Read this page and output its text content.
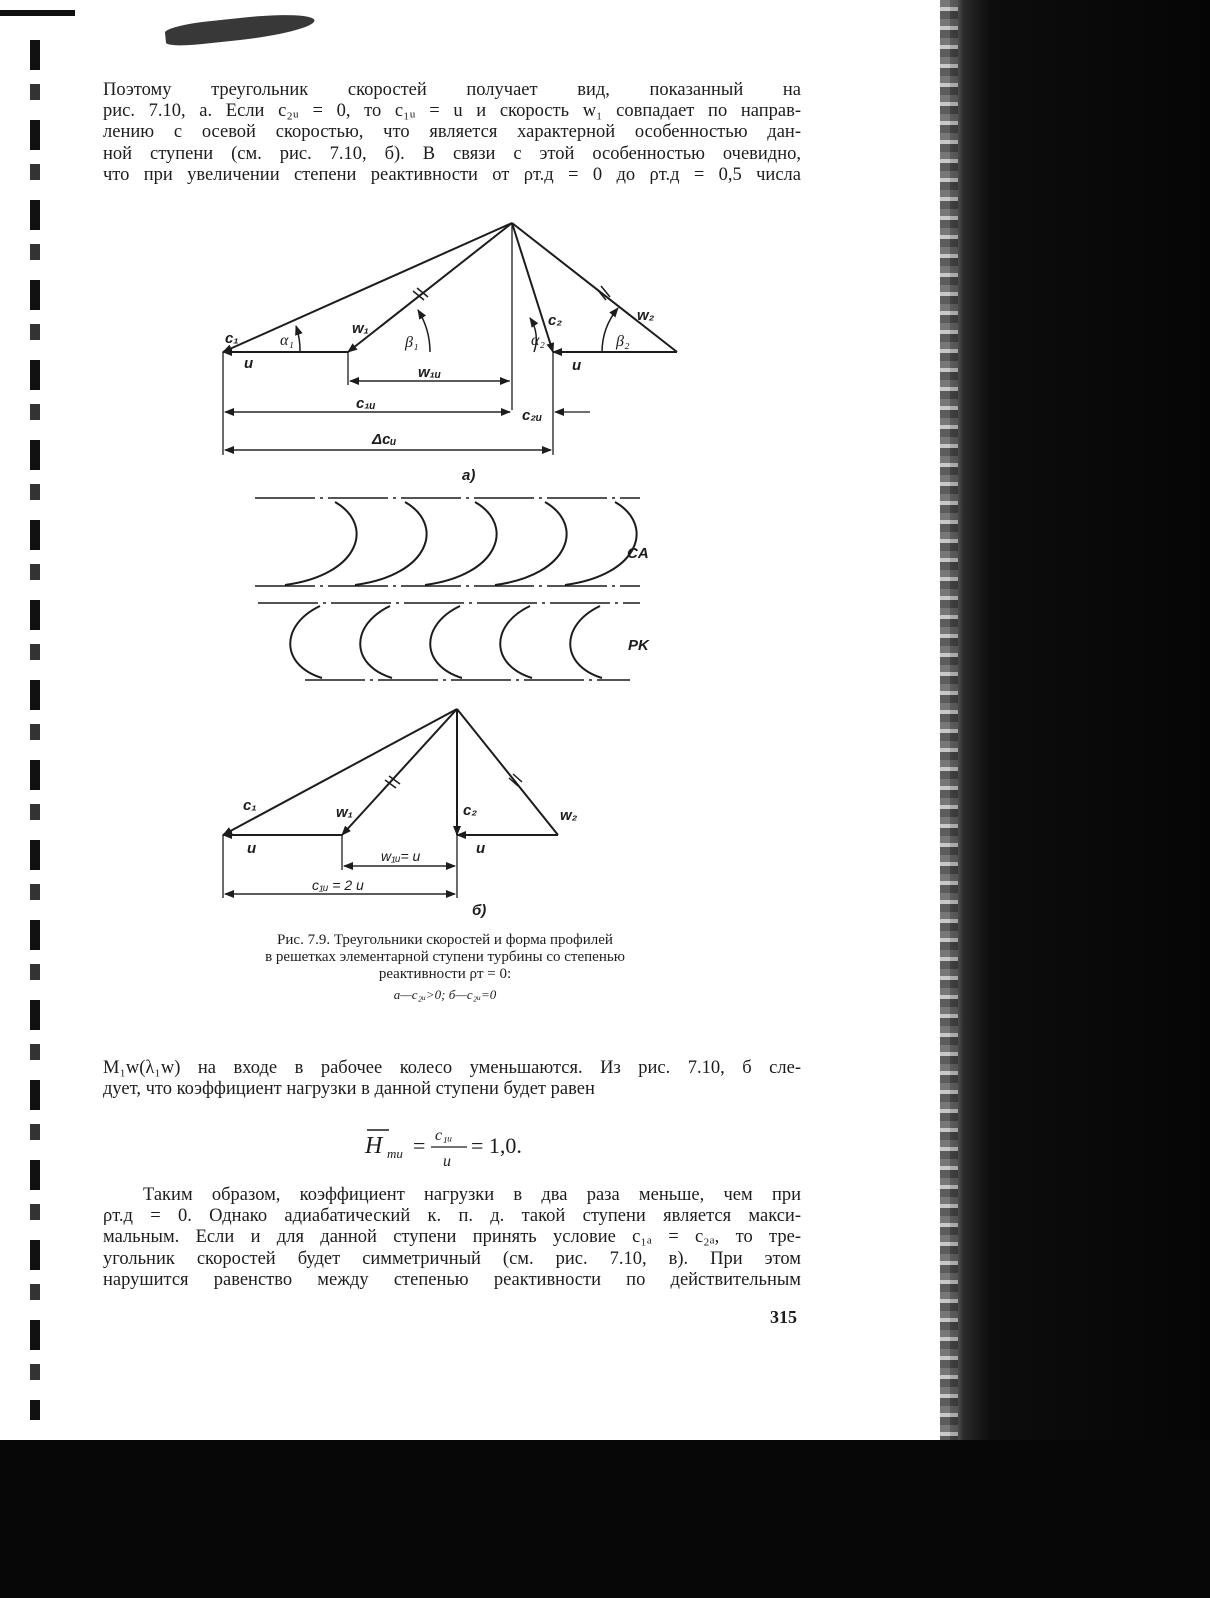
Поэтому треугольник скоростей получает вид, показанный на
рис. 7.10, а. Если c₂ᵤ = 0, то c₁ᵤ = u и скорость w₁ совпадает по направ-
лению с осевой скоростью, что является характерной особенностью дан-
ной ступени (см. рис. 7.10, б). В связи с этой особенностью очевидно,
что при увеличении степени реактивности от ρт.д = 0 до ρт.д = 0,5 числа

c₁	α₁
w₁
β₁
c₂
α₂
w₂
β₂
u	u
w₁ᵤ
c₁ᵤ
c₂ᵤ
Δcᵤ
а)
CA
PK
c₁	w₁	c₂	w₂
u	u
w₁ᵤ= u
c₁ᵤ = 2 u
б)
Рис. 7.9. Треугольники скоростей и форма профилей
в решетках элементарной ступени турбины со степенью
реактивности ρт = 0:
а—c₂ᵤ>0; б—c₂ᵤ=0

M₁w(λ₁w) на входе в рабочее колесо уменьшаются. Из рис. 7.10, б сле-
дует, что коэффициент нагрузки в данной ступени будет равен

H тu = c₁ᵤ
u
= 1,0.

Таким образом, коэффициент нагрузки в два раза меньше, чем при
ρт.д = 0. Однако адиабатический к. п. д. такой ступени является макси-
мальным. Если и для данной ступени принять условие c₁ₐ = c₂ₐ, то тре-
угольник скоростей будет симметричный (см. рис. 7.10, в). При этом
нарушится равенство между степенью реактивности по действительным

315
